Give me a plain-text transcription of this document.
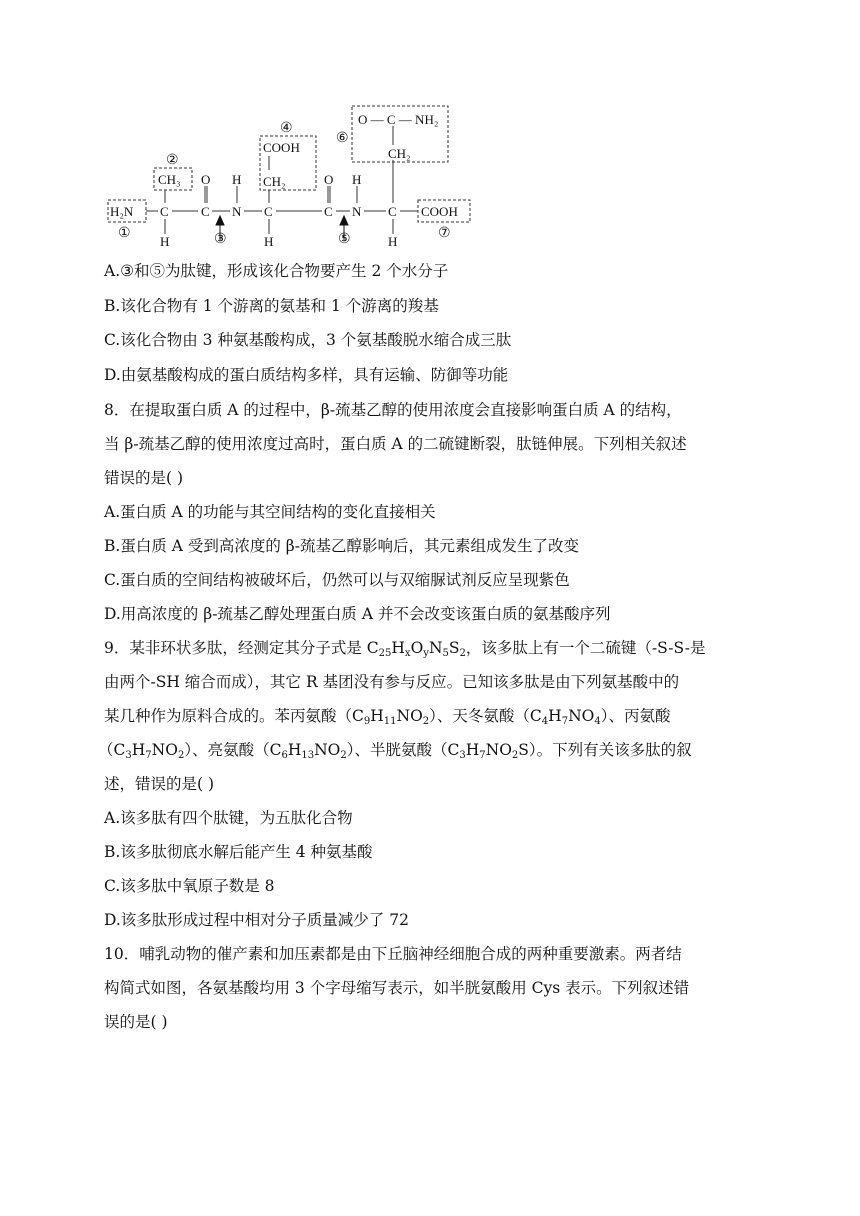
H₂N
CH₃
C
H
O
C
H
N
COOH
CH₂
C
H
O
C
H
N
O — C — NH₂
CH₂
C
H
COOH
①
②
③
④
⑤
⑥
⑦
A.③和⑤为肽键，形成该化合物要产生 2 个水分子
B.该化合物有 1 个游离的氨基和 1 个游离的羧基
C.该化合物由 3 种氨基酸构成，3 个氨基酸脱水缩合成三肽
D.由氨基酸构成的蛋白质结构多样，具有运输、防御等功能
8．在提取蛋白质 A 的过程中，β-巯基乙醇的使用浓度会直接影响蛋白质 A 的结构，
当 β-巯基乙醇的使用浓度过高时，蛋白质 A 的二硫键断裂，肽链伸展。下列相关叙述
错误的是( )
A.蛋白质 A 的功能与其空间结构的变化直接相关
B.蛋白质 A 受到高浓度的 β-巯基乙醇影响后，其元素组成发生了改变
C.蛋白质的空间结构被破坏后，仍然可以与双缩脲试剂反应呈现紫色
D.用高浓度的 β-巯基乙醇处理蛋白质 A 并不会改变该蛋白质的氨基酸序列
9．某非环状多肽，经测定其分子式是 $C_{25}H_xO_yN_5S_2$，该多肽上有一个二硫键（-S-S-是
由两个-SH 缩合而成），其它 R 基团没有参与反应。已知该多肽是由下列氨基酸中的
某几种作为原料合成的。苯丙氨酸$(C_9H_{11}NO_2)$、天冬氨酸$(C_4H_7NO_4)$、丙氨酸
$(C_3H_7NO_2)$、亮氨酸$(C_6H_{13}NO_2)$、半胱氨酸$(C_3H_7NO_2S)$。下列有关该多肽的叙
述，错误的是( )
A.该多肽有四个肽键，为五肽化合物
B.该多肽彻底水解后能产生 4 种氨基酸
C.该多肽中氧原子数是 8
D.该多肽形成过程中相对分子质量减少了 72
10．哺乳动物的催产素和加压素都是由下丘脑神经细胞合成的两种重要激素。两者结
构简式如图，各氨基酸均用 3 个字母缩写表示，如半胱氨酸用 Cys 表示。下列叙述错
误的是( )
